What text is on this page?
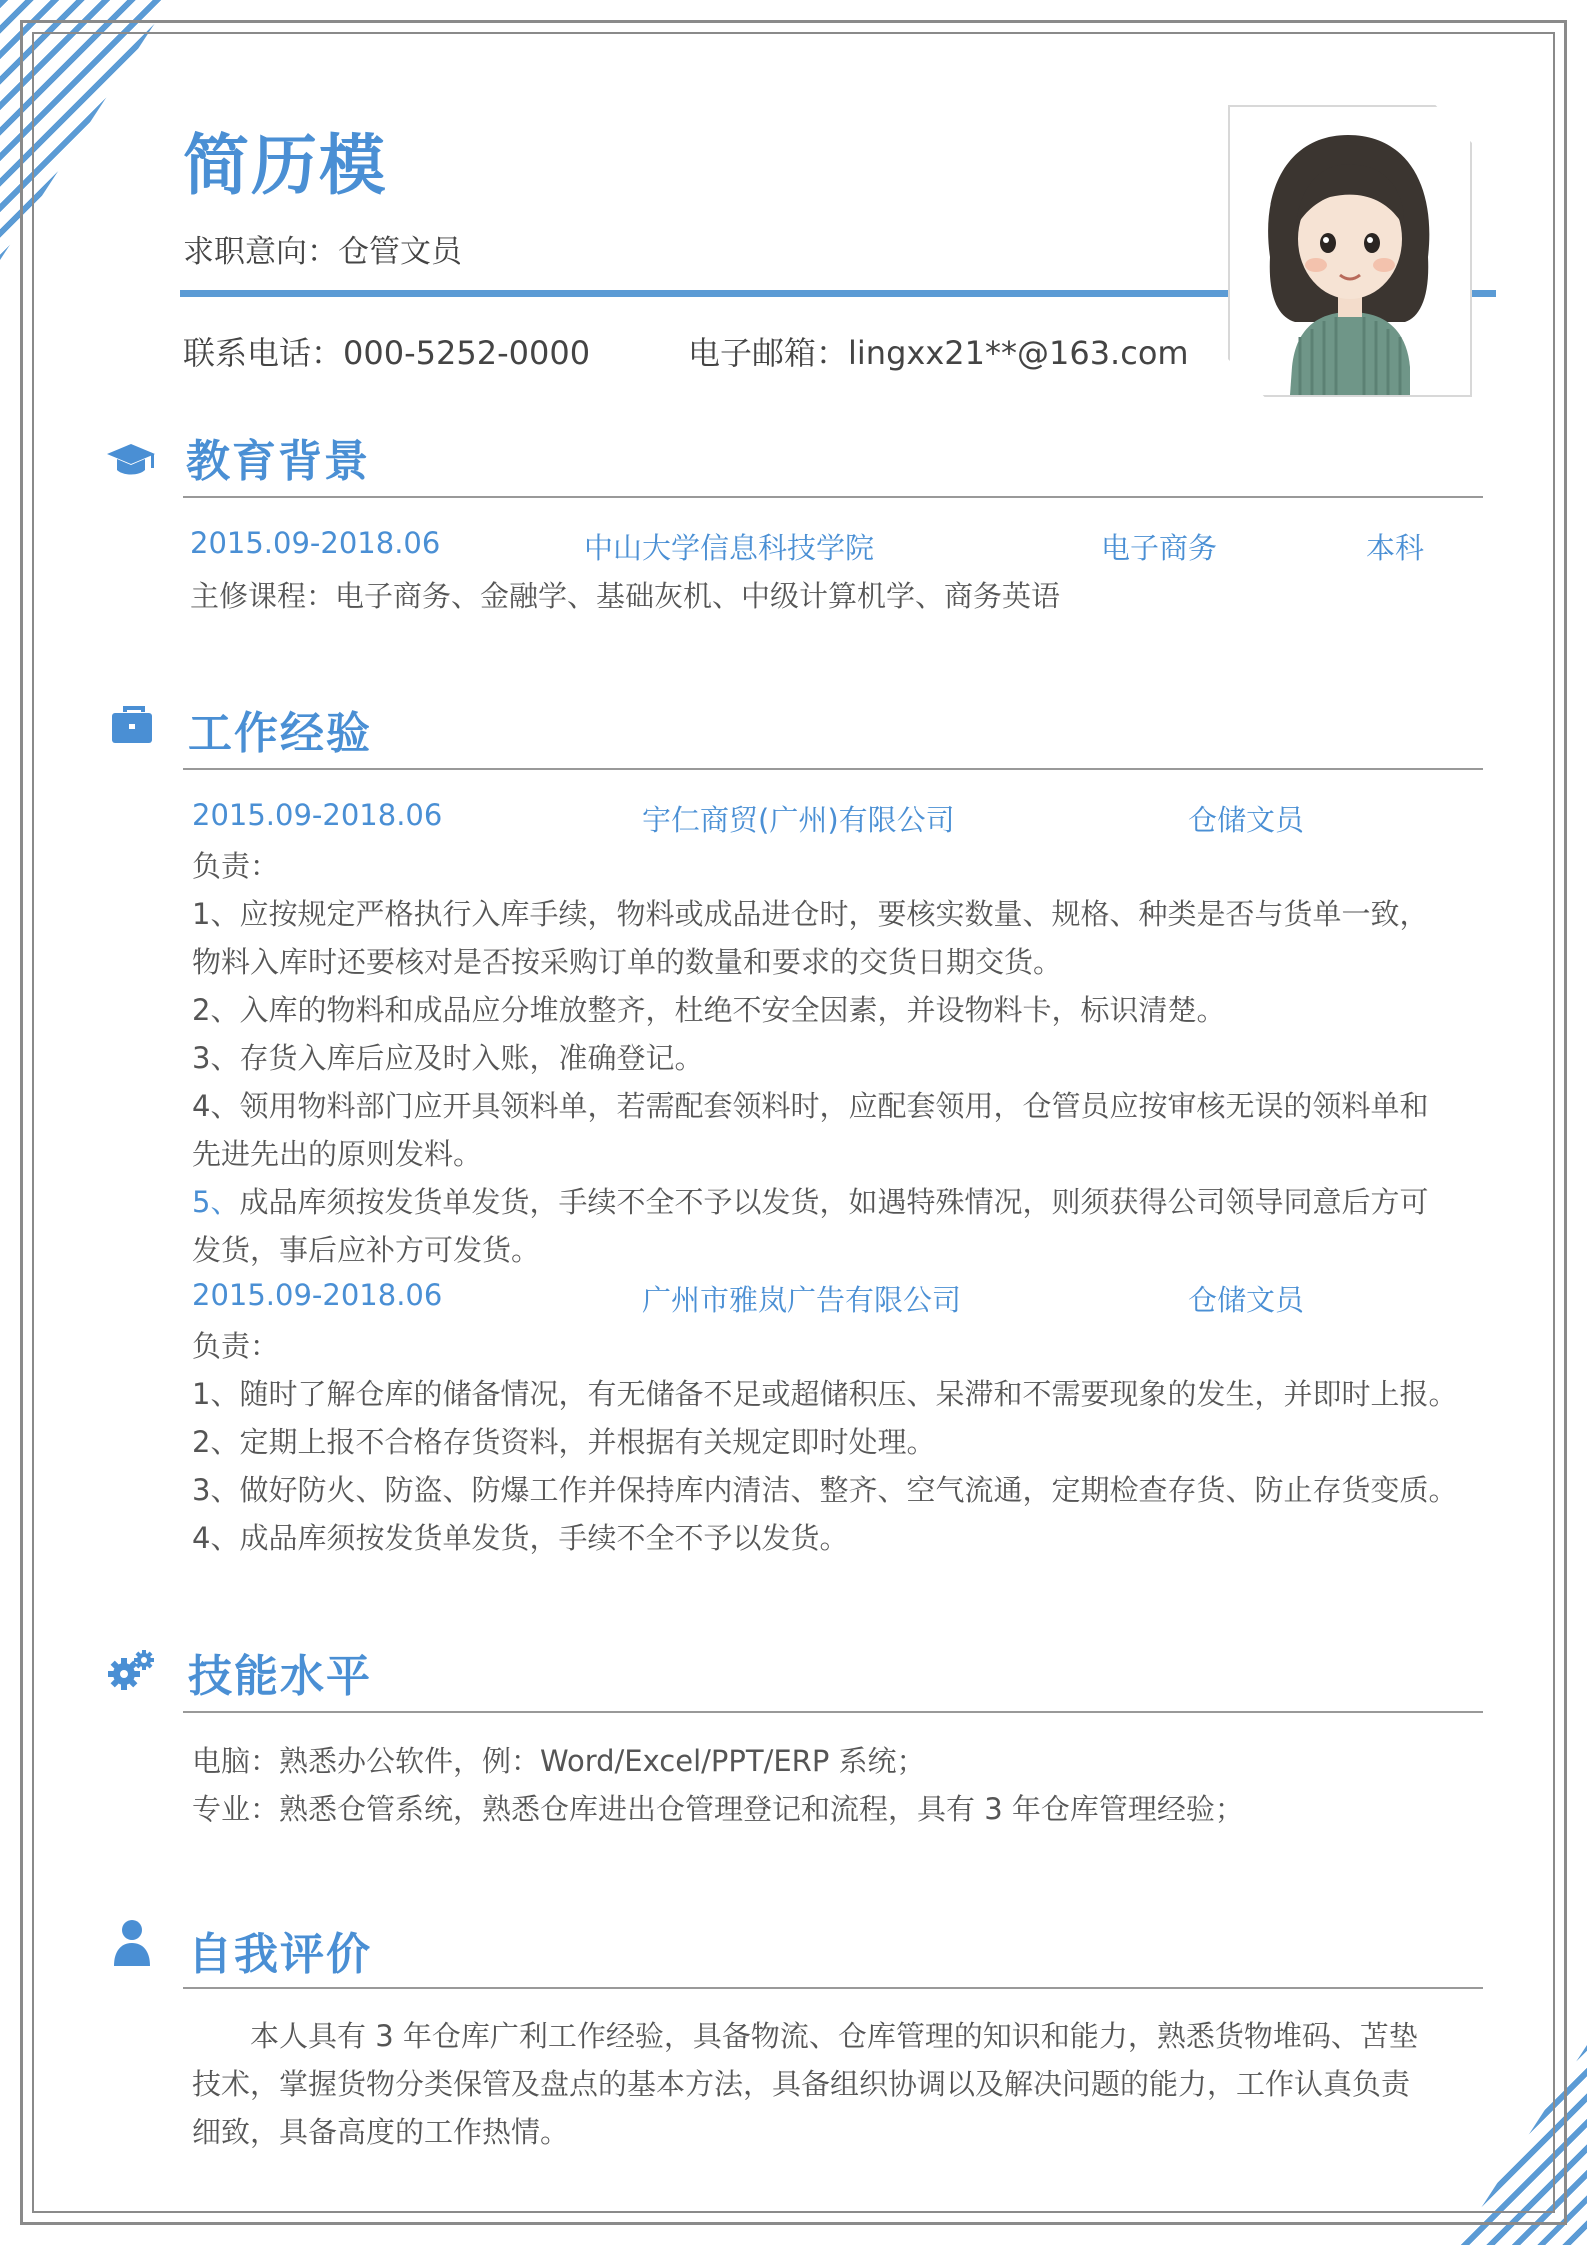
简历模
求职意向：仓管文员
联系电话：000-5252-0000	电子邮箱：lingxx21**@163.com
教育背景
2015.09-2018.06	中山大学信息科技学院	电子商务	本科
主修课程：电子商务、金融学、基础灰机、中级计算机学、商务英语
工作经验
2015.09-2018.06	宇仁商贸(广州)有限公司	仓储文员
负责：
1、应按规定严格执行入库手续，物料或成品进仓时，要核实数量、规格、种类是否与货单一致，
物料入库时还要核对是否按采购订单的数量和要求的交货日期交货。
2、入库的物料和成品应分堆放整齐，杜绝不安全因素，并设物料卡，标识清楚。
3、存货入库后应及时入账，准确登记。
4、领用物料部门应开具领料单，若需配套领料时，应配套领用，仓管员应按审核无误的领料单和
先进先出的原则发料。
5、成品库须按发货单发货，手续不全不予以发货，如遇特殊情况，则须获得公司领导同意后方可
发货，事后应补方可发货。
2015.09-2018.06	广州市雅岚广告有限公司	仓储文员
负责：
1、随时了解仓库的储备情况，有无储备不足或超储积压、呆滞和不需要现象的发生，并即时上报。
2、定期上报不合格存货资料，并根据有关规定即时处理。
3、做好防火、防盗、防爆工作并保持库内清洁、整齐、空气流通，定期检查存货、防止存货变质。
4、成品库须按发货单发货，手续不全不予以发货。
技能水平
电脑：熟悉办公软件，例：Word/Excel/PPT/ERP 系统；
专业：熟悉仓管系统，熟悉仓库进出仓管理登记和流程，具有 3 年仓库管理经验；
自我评价
本人具有 3 年仓库广利工作经验，具备物流、仓库管理的知识和能力，熟悉货物堆码、苫垫
技术，掌握货物分类保管及盘点的基本方法，具备组织协调以及解决问题的能力，工作认真负责
细致，具备高度的工作热情。
